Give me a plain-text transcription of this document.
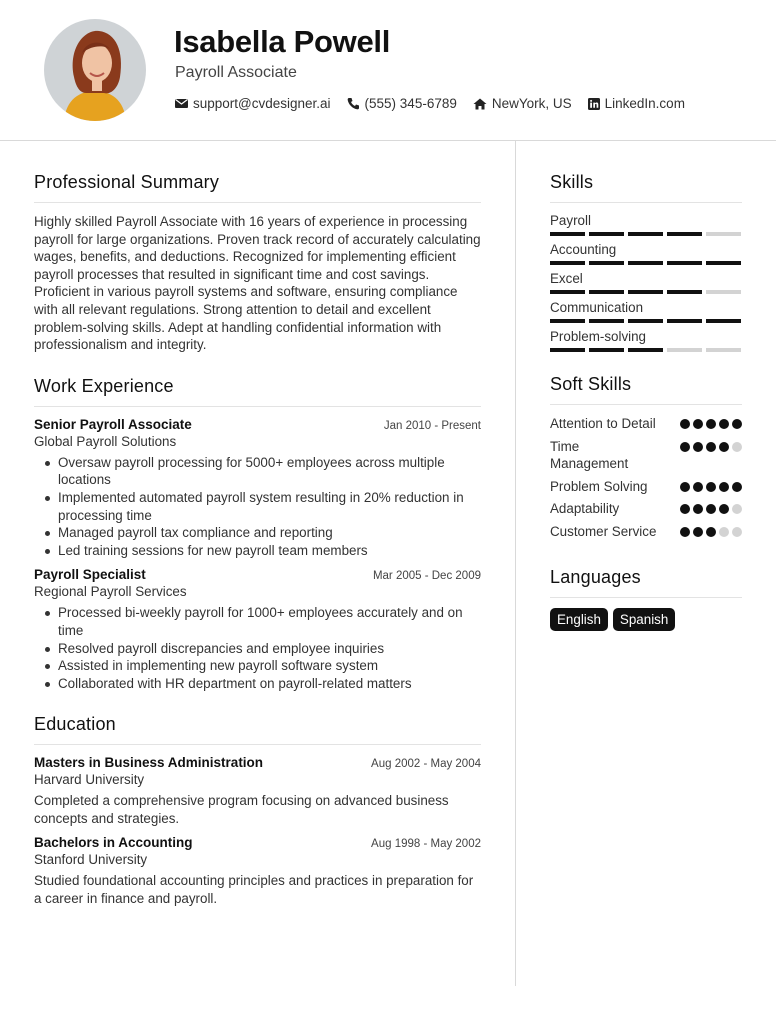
Isabella Powell
Payroll Associate
support@cvdesigner.ai	(555) 345-6789	NewYork, US LinkedIn.com
Professional Summary
Highly skilled Payroll Associate with 16 years of experience in processing payroll for large organizations. Proven track record of accurately calculating wages, benefits, and deductions. Recognized for implementing efficient payroll processes that resulted in significant time and cost savings. Proficient in various payroll systems and software, ensuring compliance with all relevant regulations. Strong attention to detail and excellent problem-solving skills. Adept at handling confidential information with professionalism and integrity.
Work Experience
Senior Payroll Associate	Jan 2010 - Present
Global Payroll Solutions
Oversaw payroll processing for 5000+ employees across multiple locations
Implemented automated payroll system resulting in 20% reduction in processing time
Managed payroll tax compliance and reporting
Led training sessions for new payroll team members
Payroll Specialist	Mar 2005 - Dec 2009
Regional Payroll Services
Processed bi-weekly payroll for 1000+ employees accurately and on time
Resolved payroll discrepancies and employee inquiries
Assisted in implementing new payroll software system
Collaborated with HR department on payroll-related matters
Education
Masters in Business Administration	Aug 2002 - May 2004
Harvard University
Completed a comprehensive program focusing on advanced business concepts and strategies.
Bachelors in Accounting	Aug 1998 - May 2002
Stanford University
Studied foundational accounting principles and practices in preparation for a career in finance and payroll.
Skills
Payroll
Accounting
Excel
Communication
Problem-solving
Soft Skills
Attention to Detail
Time Management
Problem Solving
Adaptability
Customer Service
Languages
English	Spanish
